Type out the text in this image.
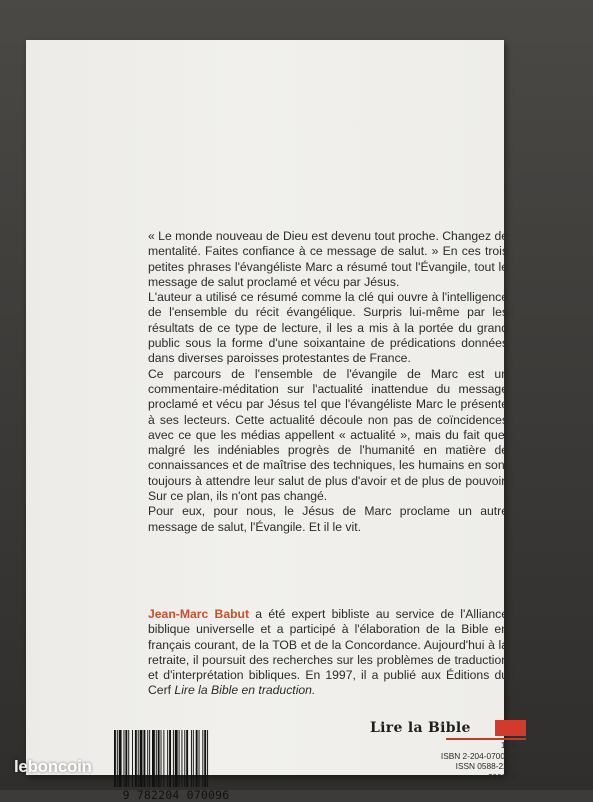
« Le monde nouveau de Dieu est devenu tout proche. Changez de mentalité. Faites confiance à ce message de salut. » En ces trois petites phrases l'évangéliste Marc a résumé tout l'Évangile, tout le message de salut proclamé et vécu par Jésus.

L'auteur a utilisé ce résumé comme la clé qui ouvre à l'intelligence de l'ensemble du récit évangélique. Surpris lui-même par les résultats de ce type de lecture, il les a mis à la portée du grand public sous la forme d'une soixantaine de prédications données dans diverses paroisses protestantes de France.

Ce parcours de l'ensemble de l'évangile de Marc est un commentaire-méditation sur l'actualité inattendue du message proclamé et vécu par Jésus tel que l'évangéliste Marc le présente à ses lecteurs. Cette actualité découle non pas de coïncidences avec ce que les médias appellent « actualité », mais du fait que, malgré les indéniables progrès de l'humanité en matière de connaissances et de maîtrise des techniques, les humains en sont toujours à attendre leur salut de plus d'avoir et de plus de pouvoir. Sur ce plan, ils n'ont pas changé.

Pour eux, pour nous, le Jésus de Marc proclame un autre message de salut, l'Évangile. Et il le vit.

Jean-Marc Babut a été expert bibliste au service de l'Alliance biblique universelle et a participé à l'élaboration de la Bible en français courant, de la TOB et de la Concordance. Aujourd'hui à la retraite, il poursuit des recherches sur les problèmes de traduction et d'interprétation bibliques. En 1997, il a publié aux Éditions du Cerf Lire la Bible en traduction.

Lire la Bible
18 €
ISBN 2-204-07009-2
ISSN 0588-2257
2002-IX
9 782204 070096
leboncoin
